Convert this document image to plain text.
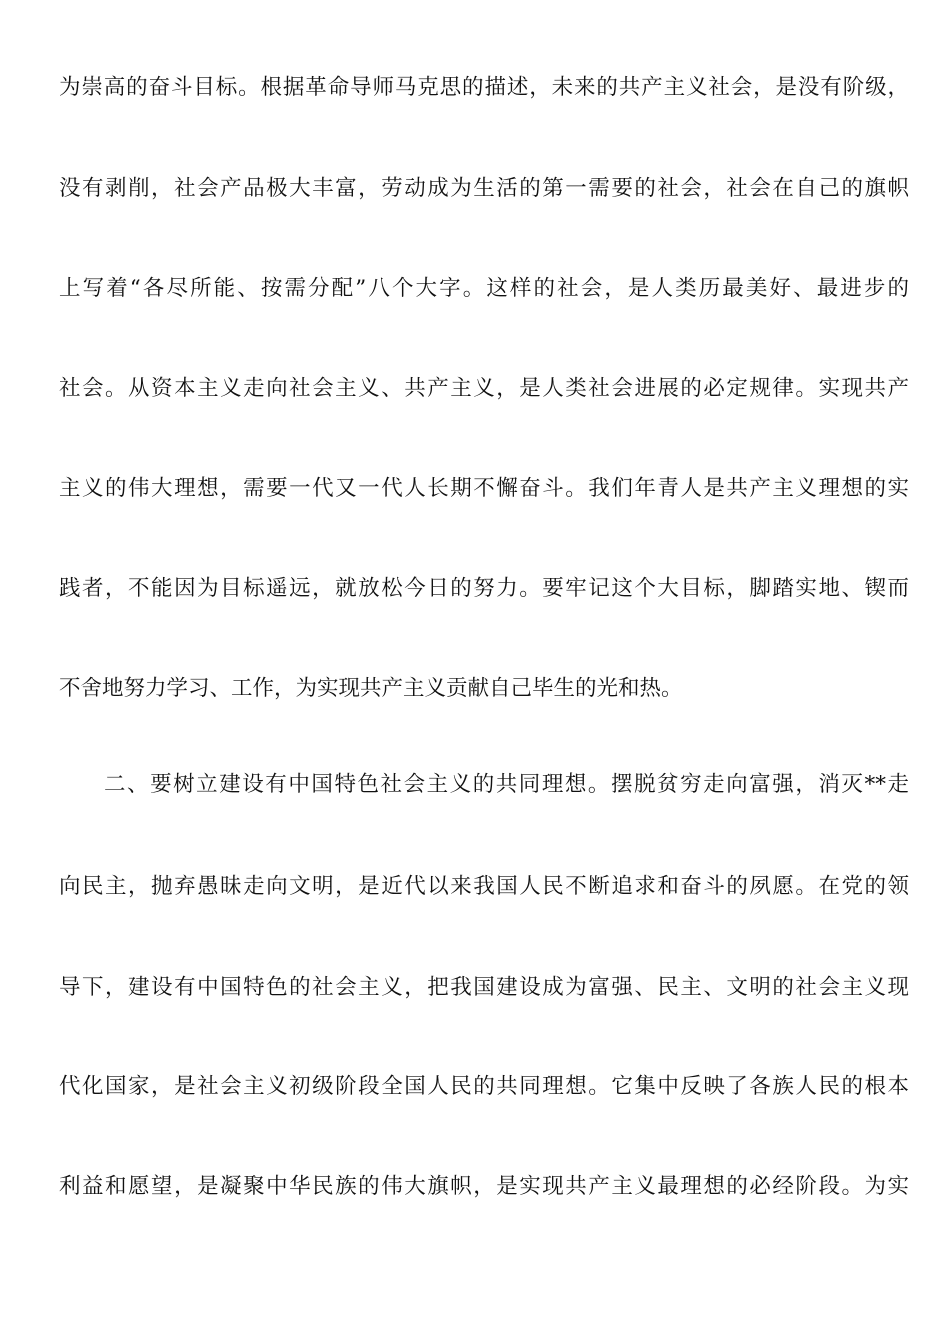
为崇高的奋斗目标。根据革命导师马克思的描述，未来的共产主义社会，是没有阶级，
没有剥削，社会产品极大丰富，劳动成为生活的第一需要的社会，社会在自己的旗帜
上写着“各尽所能、按需分配”八个大字。这样的社会，是人类历最美好、最进步的
社会。从资本主义走向社会主义、共产主义，是人类社会进展的必定规律。实现共产
主义的伟大理想，需要一代又一代人长期不懈奋斗。我们年青人是共产主义理想的实
践者，不能因为目标遥远，就放松今日的努力。要牢记这个大目标，脚踏实地、锲而
不舍地努力学习、工作，为实现共产主义贡献自己毕生的光和热。
二、要树立建设有中国特色社会主义的共同理想。摆脱贫穷走向富强，消灭**走
向民主，抛弃愚昧走向文明，是近代以来我国人民不断追求和奋斗的夙愿。在党的领
导下，建设有中国特色的社会主义，把我国建设成为富强、民主、文明的社会主义现
代化国家，是社会主义初级阶段全国人民的共同理想。它集中反映了各族人民的根本
利益和愿望，是凝聚中华民族的伟大旗帜，是实现共产主义最理想的必经阶段。为实
